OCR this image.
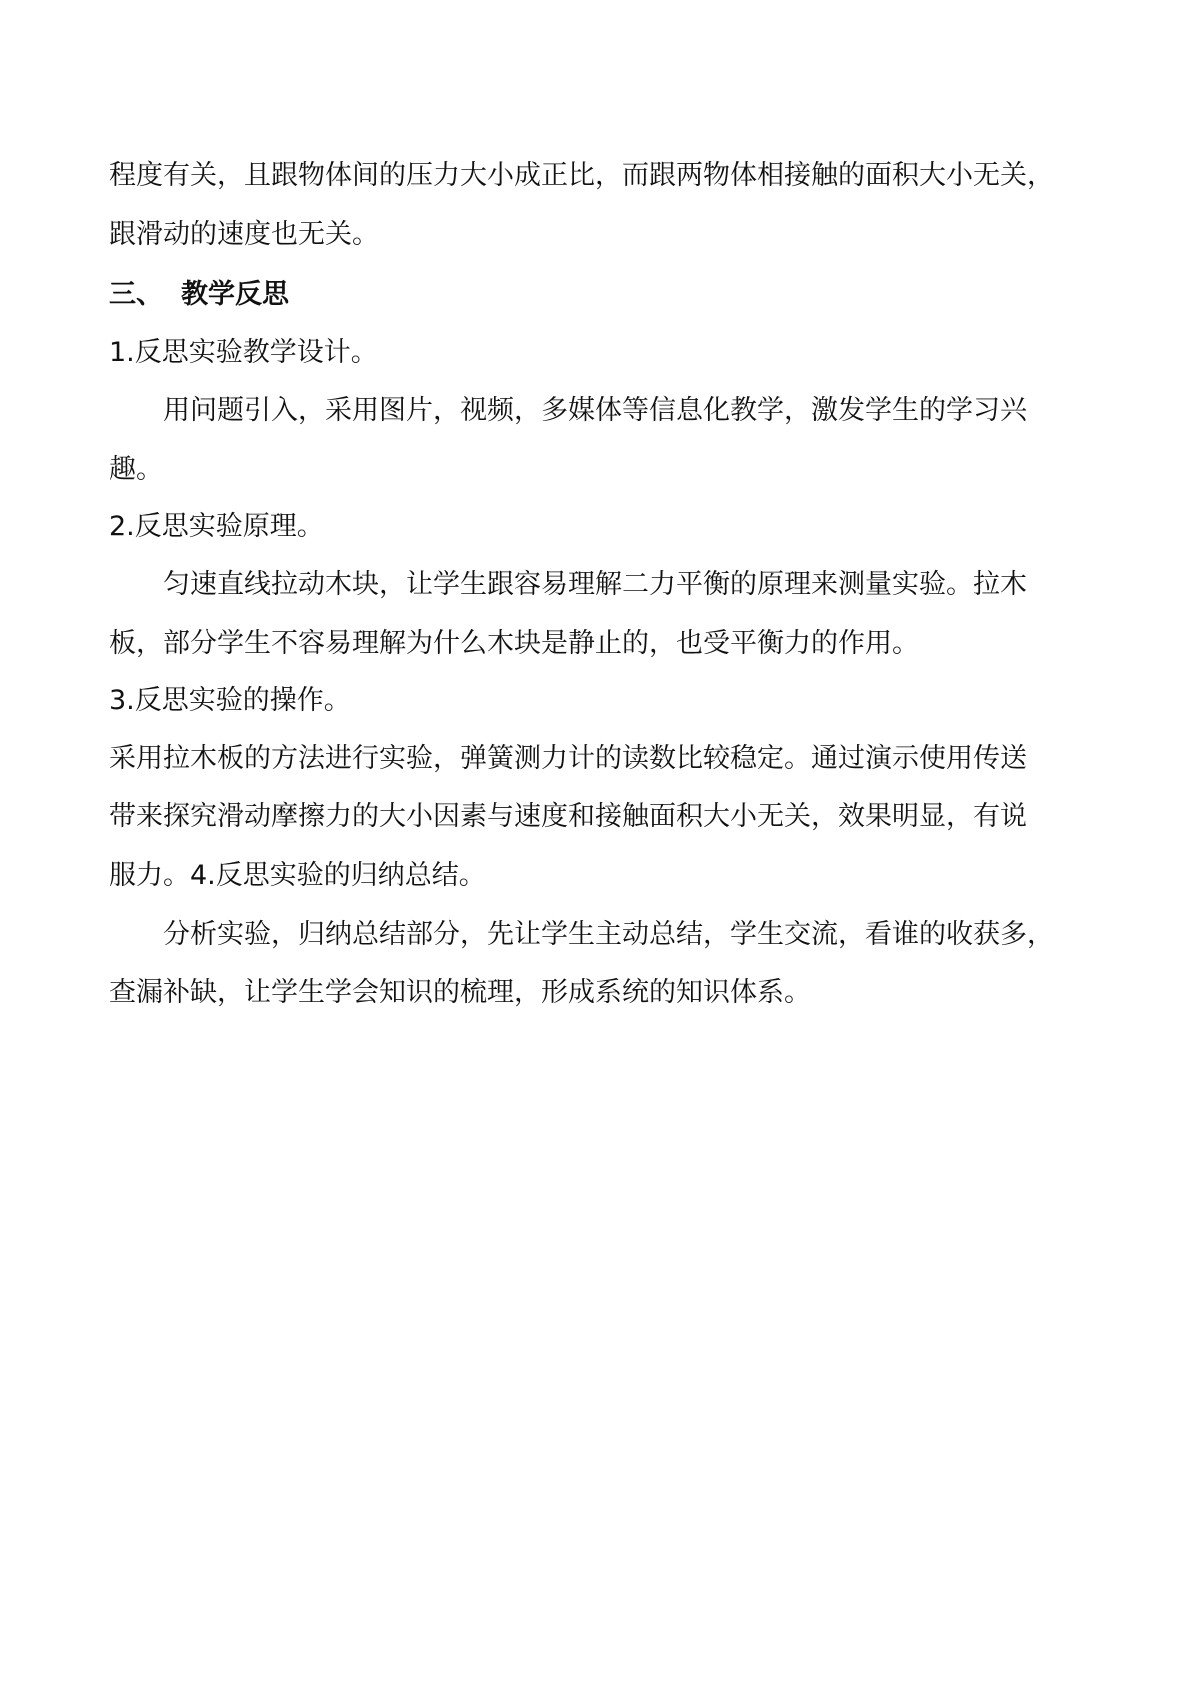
程度有关，且跟物体间的压力大小成正比，而跟两物体相接触的面积大小无关，
跟滑动的速度也无关。
三、 教学反思
1.反思实验教学设计。
用问题引入，采用图片，视频，多媒体等信息化教学，激发学生的学习兴
趣。
2.反思实验原理。
匀速直线拉动木块，让学生跟容易理解二力平衡的原理来测量实验。拉木
板，部分学生不容易理解为什么木块是静止的，也受平衡力的作用。
3.反思实验的操作。
采用拉木板的方法进行实验，弹簧测力计的读数比较稳定。通过演示使用传送
带来探究滑动摩擦力的大小因素与速度和接触面积大小无关，效果明显，有说
服力。4.反思实验的归纳总结。
分析实验，归纳总结部分，先让学生主动总结，学生交流，看谁的收获多，
查漏补缺，让学生学会知识的梳理，形成系统的知识体系。
